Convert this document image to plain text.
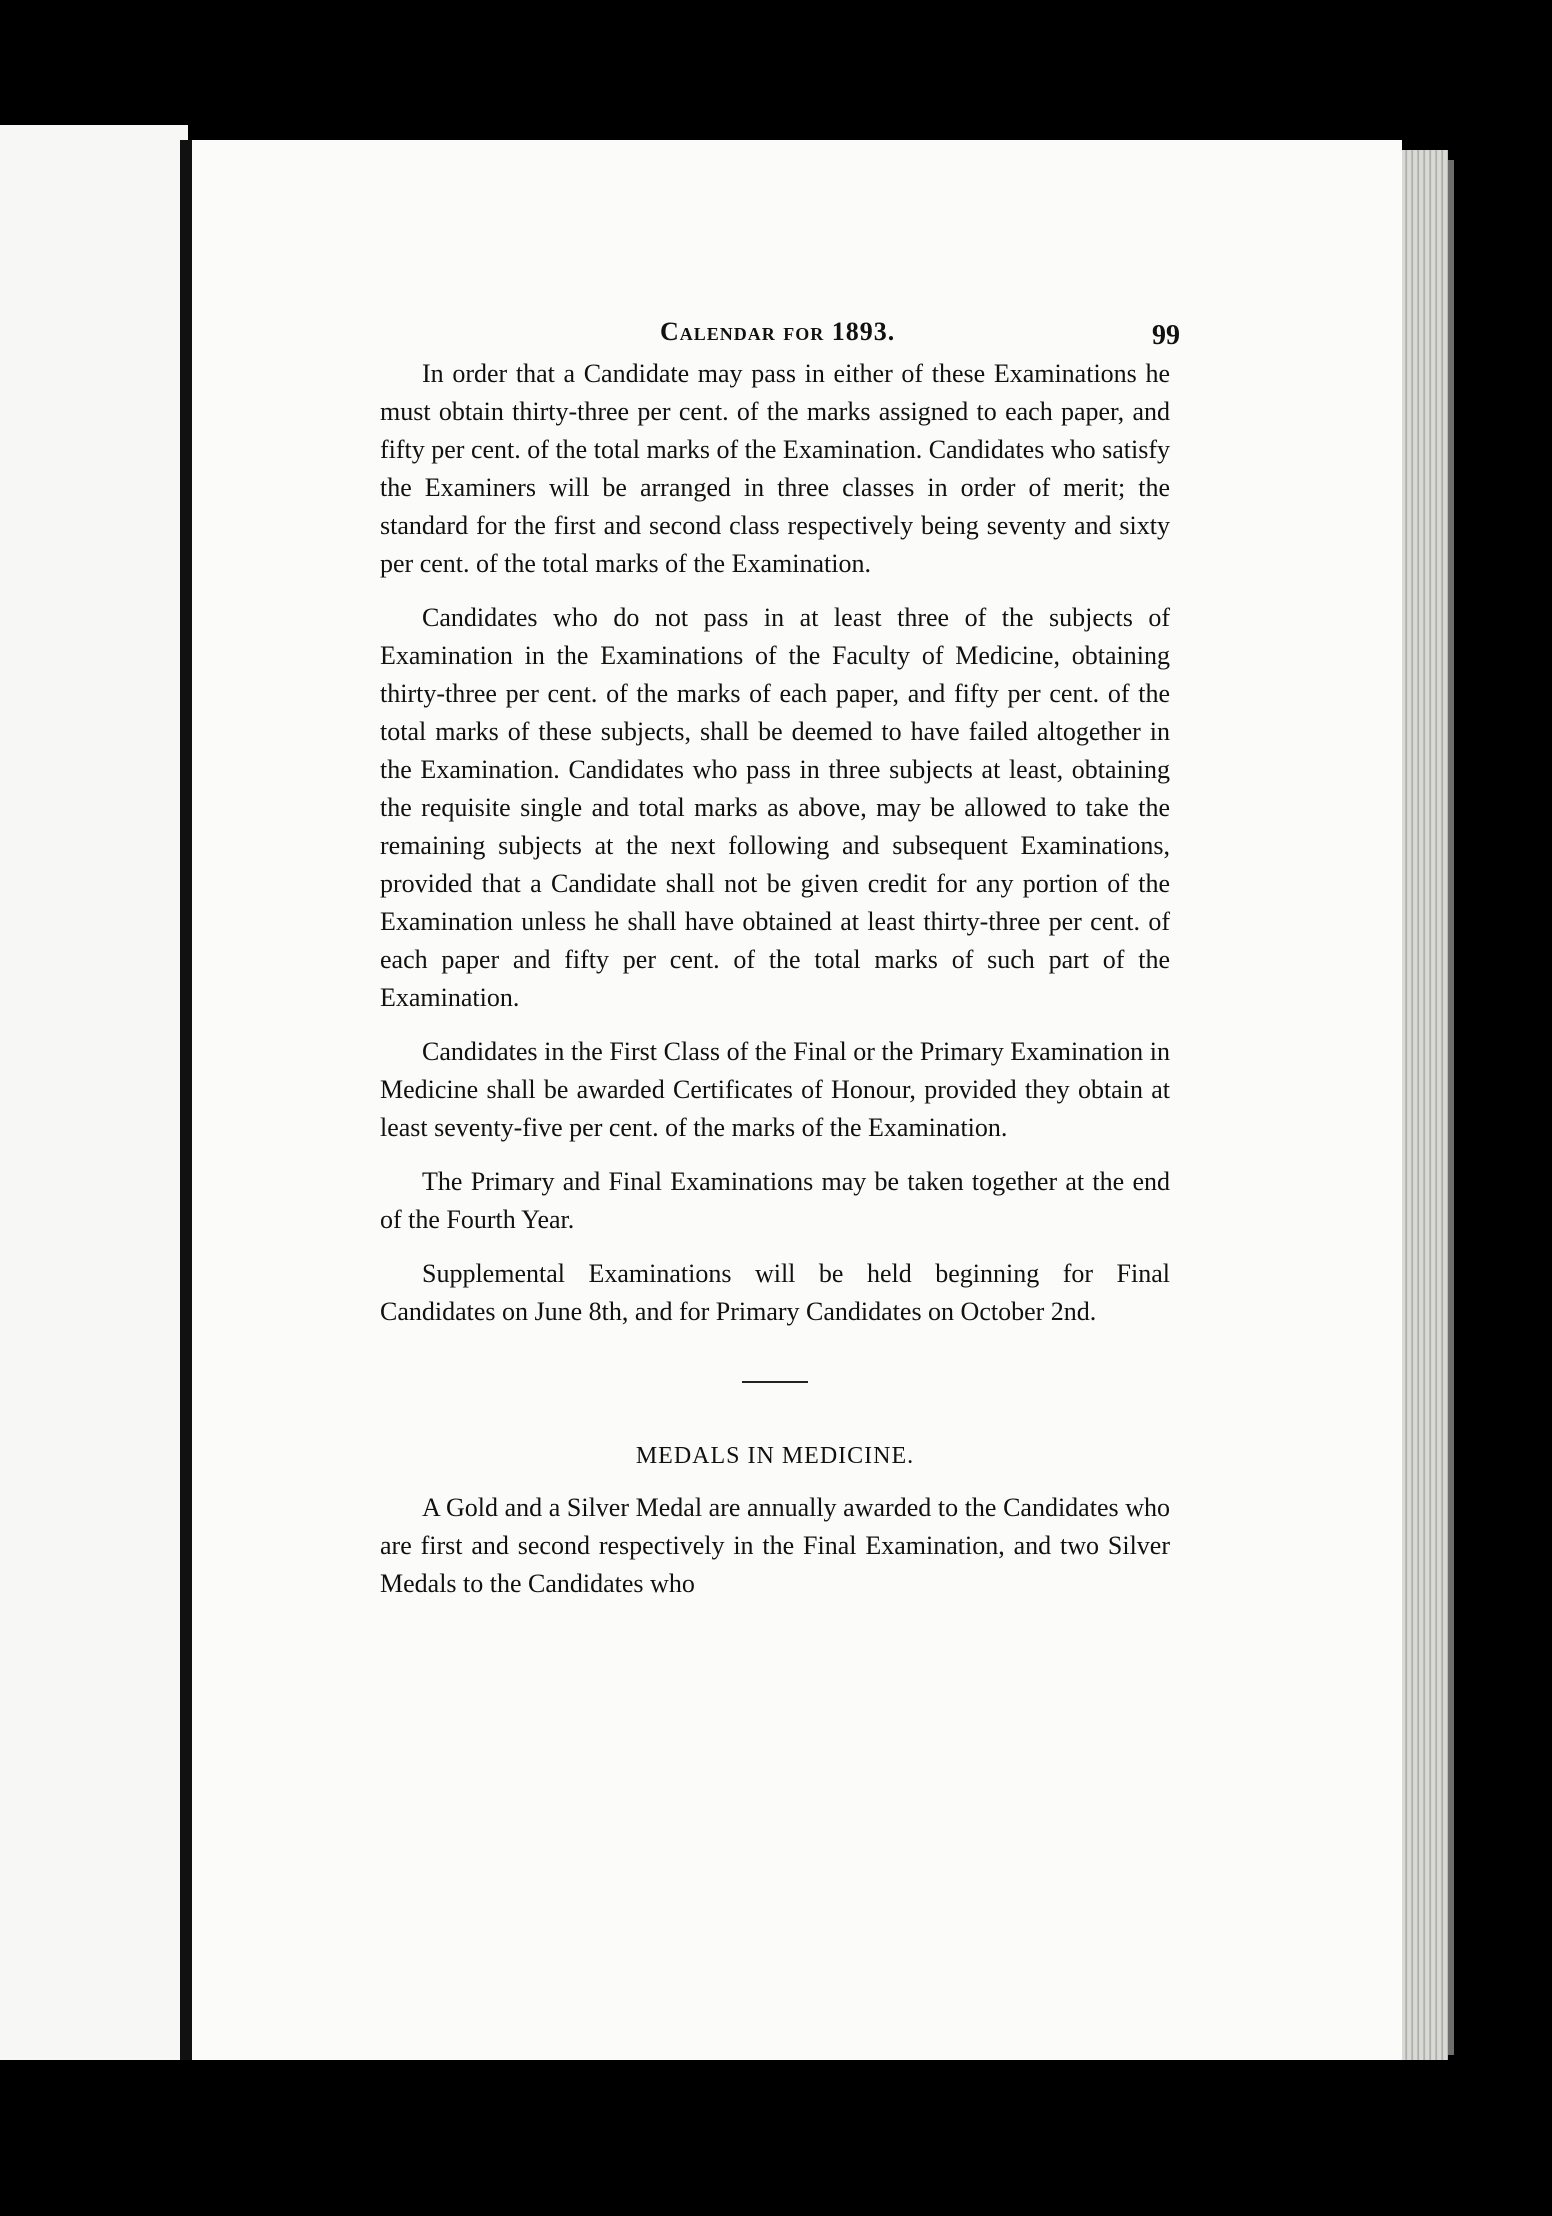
Calendar for 1893.	99

In order that a Candidate may pass in either of these Examinations he must obtain thirty-three per cent. of the marks assigned to each paper, and fifty per cent. of the total marks of the Examination. Candidates who satisfy the Examiners will be arranged in three classes in order of merit; the standard for the first and second class respectively being seventy and sixty per cent. of the total marks of the Examination.

Candidates who do not pass in at least three of the subjects of Examination in the Examinations of the Faculty of Medicine, obtaining thirty-three per cent. of the marks of each paper, and fifty per cent. of the total marks of these subjects, shall be deemed to have failed altogether in the Examination. Candidates who pass in three subjects at least, obtaining the requisite single and total marks as above, may be allowed to take the remaining subjects at the next following and subsequent Examinations, provided that a Candidate shall not be given credit for any portion of the Examination unless he shall have obtained at least thirty-three per cent. of each paper and fifty per cent. of the total marks of such part of the Examination.

Candidates in the First Class of the Final or the Primary Examination in Medicine shall be awarded Certificates of Honour, provided they obtain at least seventy-five per cent. of the marks of the Examination.

The Primary and Final Examinations may be taken together at the end of the Fourth Year.

Supplemental Examinations will be held beginning for Final Candidates on June 8th, and for Primary Candidates on October 2nd.

MEDALS IN MEDICINE.

A Gold and a Silver Medal are annually awarded to the Candidates who are first and second respectively in the Final Examination, and two Silver Medals to the Candidates who
